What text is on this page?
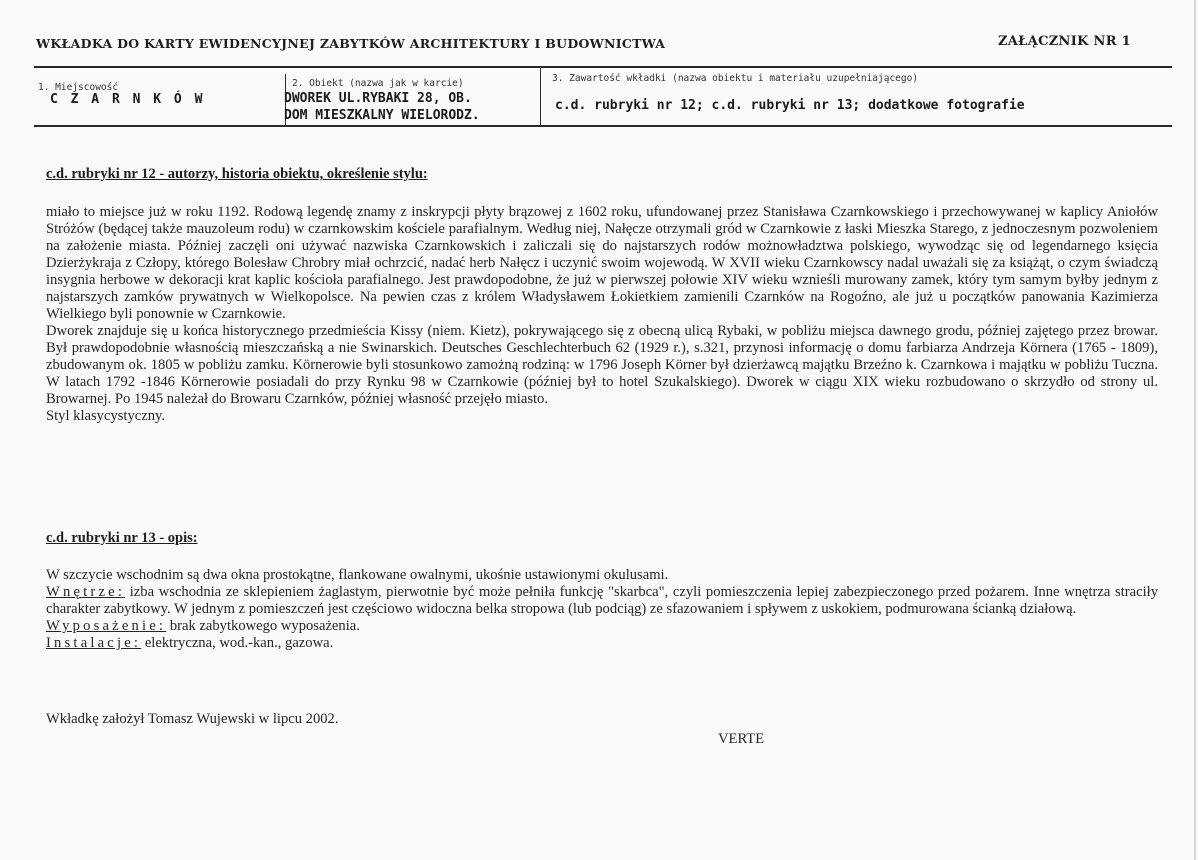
WKŁADKA DO KARTY EWIDENCYJNEJ ZABYTKÓW ARCHITEKTURY I BUDOWNICTWA	ZAŁĄCZNIK NR 1
1. Miejscowość
C Z A R N K Ó W
2. Obiekt (nazwa jak w karcie)
DWOREK UL.RYBAKI 28, OB.
DOM MIESZKALNY WIELORODZ.
3. Zawartość wkładki (nazwa obiektu i materiału uzupełniającego)
c.d. rubryki nr 12; c.d. rubryki nr 13; dodatkowe fotografie
c.d. rubryki nr 12 - autorzy, historia obiektu, określenie stylu:

miało to miejsce już w roku 1192. Rodową legendę znamy z inskrypcji płyty brązowej z 1602 roku, ufundowanej przez Stanisława Czarnkowskiego i przechowywanej w kaplicy Aniołów Stróżów (będącej także mauzoleum rodu) w czarnkowskim kościele parafialnym. Według niej, Nałęcze otrzymali gród w Czarnkowie z łaski Mieszka Starego, z jednoczesnym pozwoleniem na założenie miasta. Później zaczęli oni używać nazwiska Czarnkowskich i zaliczali się do najstarszych rodów możnowładztwa polskiego, wywodząc się od legendarnego księcia Dzierżykraja z Człopy, którego Bolesław Chrobry miał ochrzcić, nadać herb Nałęcz i uczynić swoim wojewodą. W XVII wieku Czarnkowscy nadal uważali się za książąt, o czym świadczą insygnia herbowe w dekoracji krat kaplic kościoła parafialnego. Jest prawdopodobne, że już w pierwszej połowie XIV wieku wznieśli murowany zamek, który tym samym byłby jednym z najstarszych zamków prywatnych w Wielkopolsce. Na pewien czas z królem Władysławem Łokietkiem zamienili Czarnków na Rogoźno, ale już u początków panowania Kazimierza Wielkiego byli ponownie w Czarnkowie.

Dworek znajduje się u końca historycznego przedmieścia Kissy (niem. Kietz), pokrywającego się z obecną ulicą Rybaki, w pobliżu miejsca dawnego grodu, później zajętego przez browar. Był prawdopodobnie własnością mieszczańską a nie Swinarskich. Deutsches Geschlechterbuch 62 (1929 r.), s.321, przynosi informację o domu farbiarza Andrzeja Körnera (1765 - 1809), zbudowanym ok. 1805 w pobliżu zamku. Körnerowie byli stosunkowo zamożną rodziną: w 1796 Joseph Körner był dzierżawcą majątku Brzeźno k. Czarnkowa i majątku w pobliżu Tuczna. W latach 1792 -1846 Körnerowie posiadali do przy Rynku 98 w Czarnkowie (później był to hotel Szukalskiego). Dworek w ciągu XIX wieku rozbudowano o skrzydło od strony ul. Browarnej. Po 1945 należał do Browaru Czarnków, później własność przejęło miasto.

Styl klasycystyczny.

c.d. rubryki nr 13 - opis:

W szczycie wschodnim są dwa okna prostokątne, flankowane owalnymi, ukośnie ustawionymi okulusami.

Wnętrze: izba wschodnia ze sklepieniem żaglastym, pierwotnie być może pełniła funkcję "skarbca", czyli pomieszczenia lepiej zabezpieczonego przed pożarem. Inne wnętrza straciły charakter zabytkowy. W jednym z pomieszczeń jest częściowo widoczna belka stropowa (lub podciąg) ze sfazowaniem i spływem z uskokiem, podmurowana ścianką działową.

Wyposażenie: brak zabytkowego wyposażenia.

Instalacje: elektryczna, wod.-kan., gazowa.

Wkładkę założył Tomasz Wujewski w lipcu 2002.
VERTE
